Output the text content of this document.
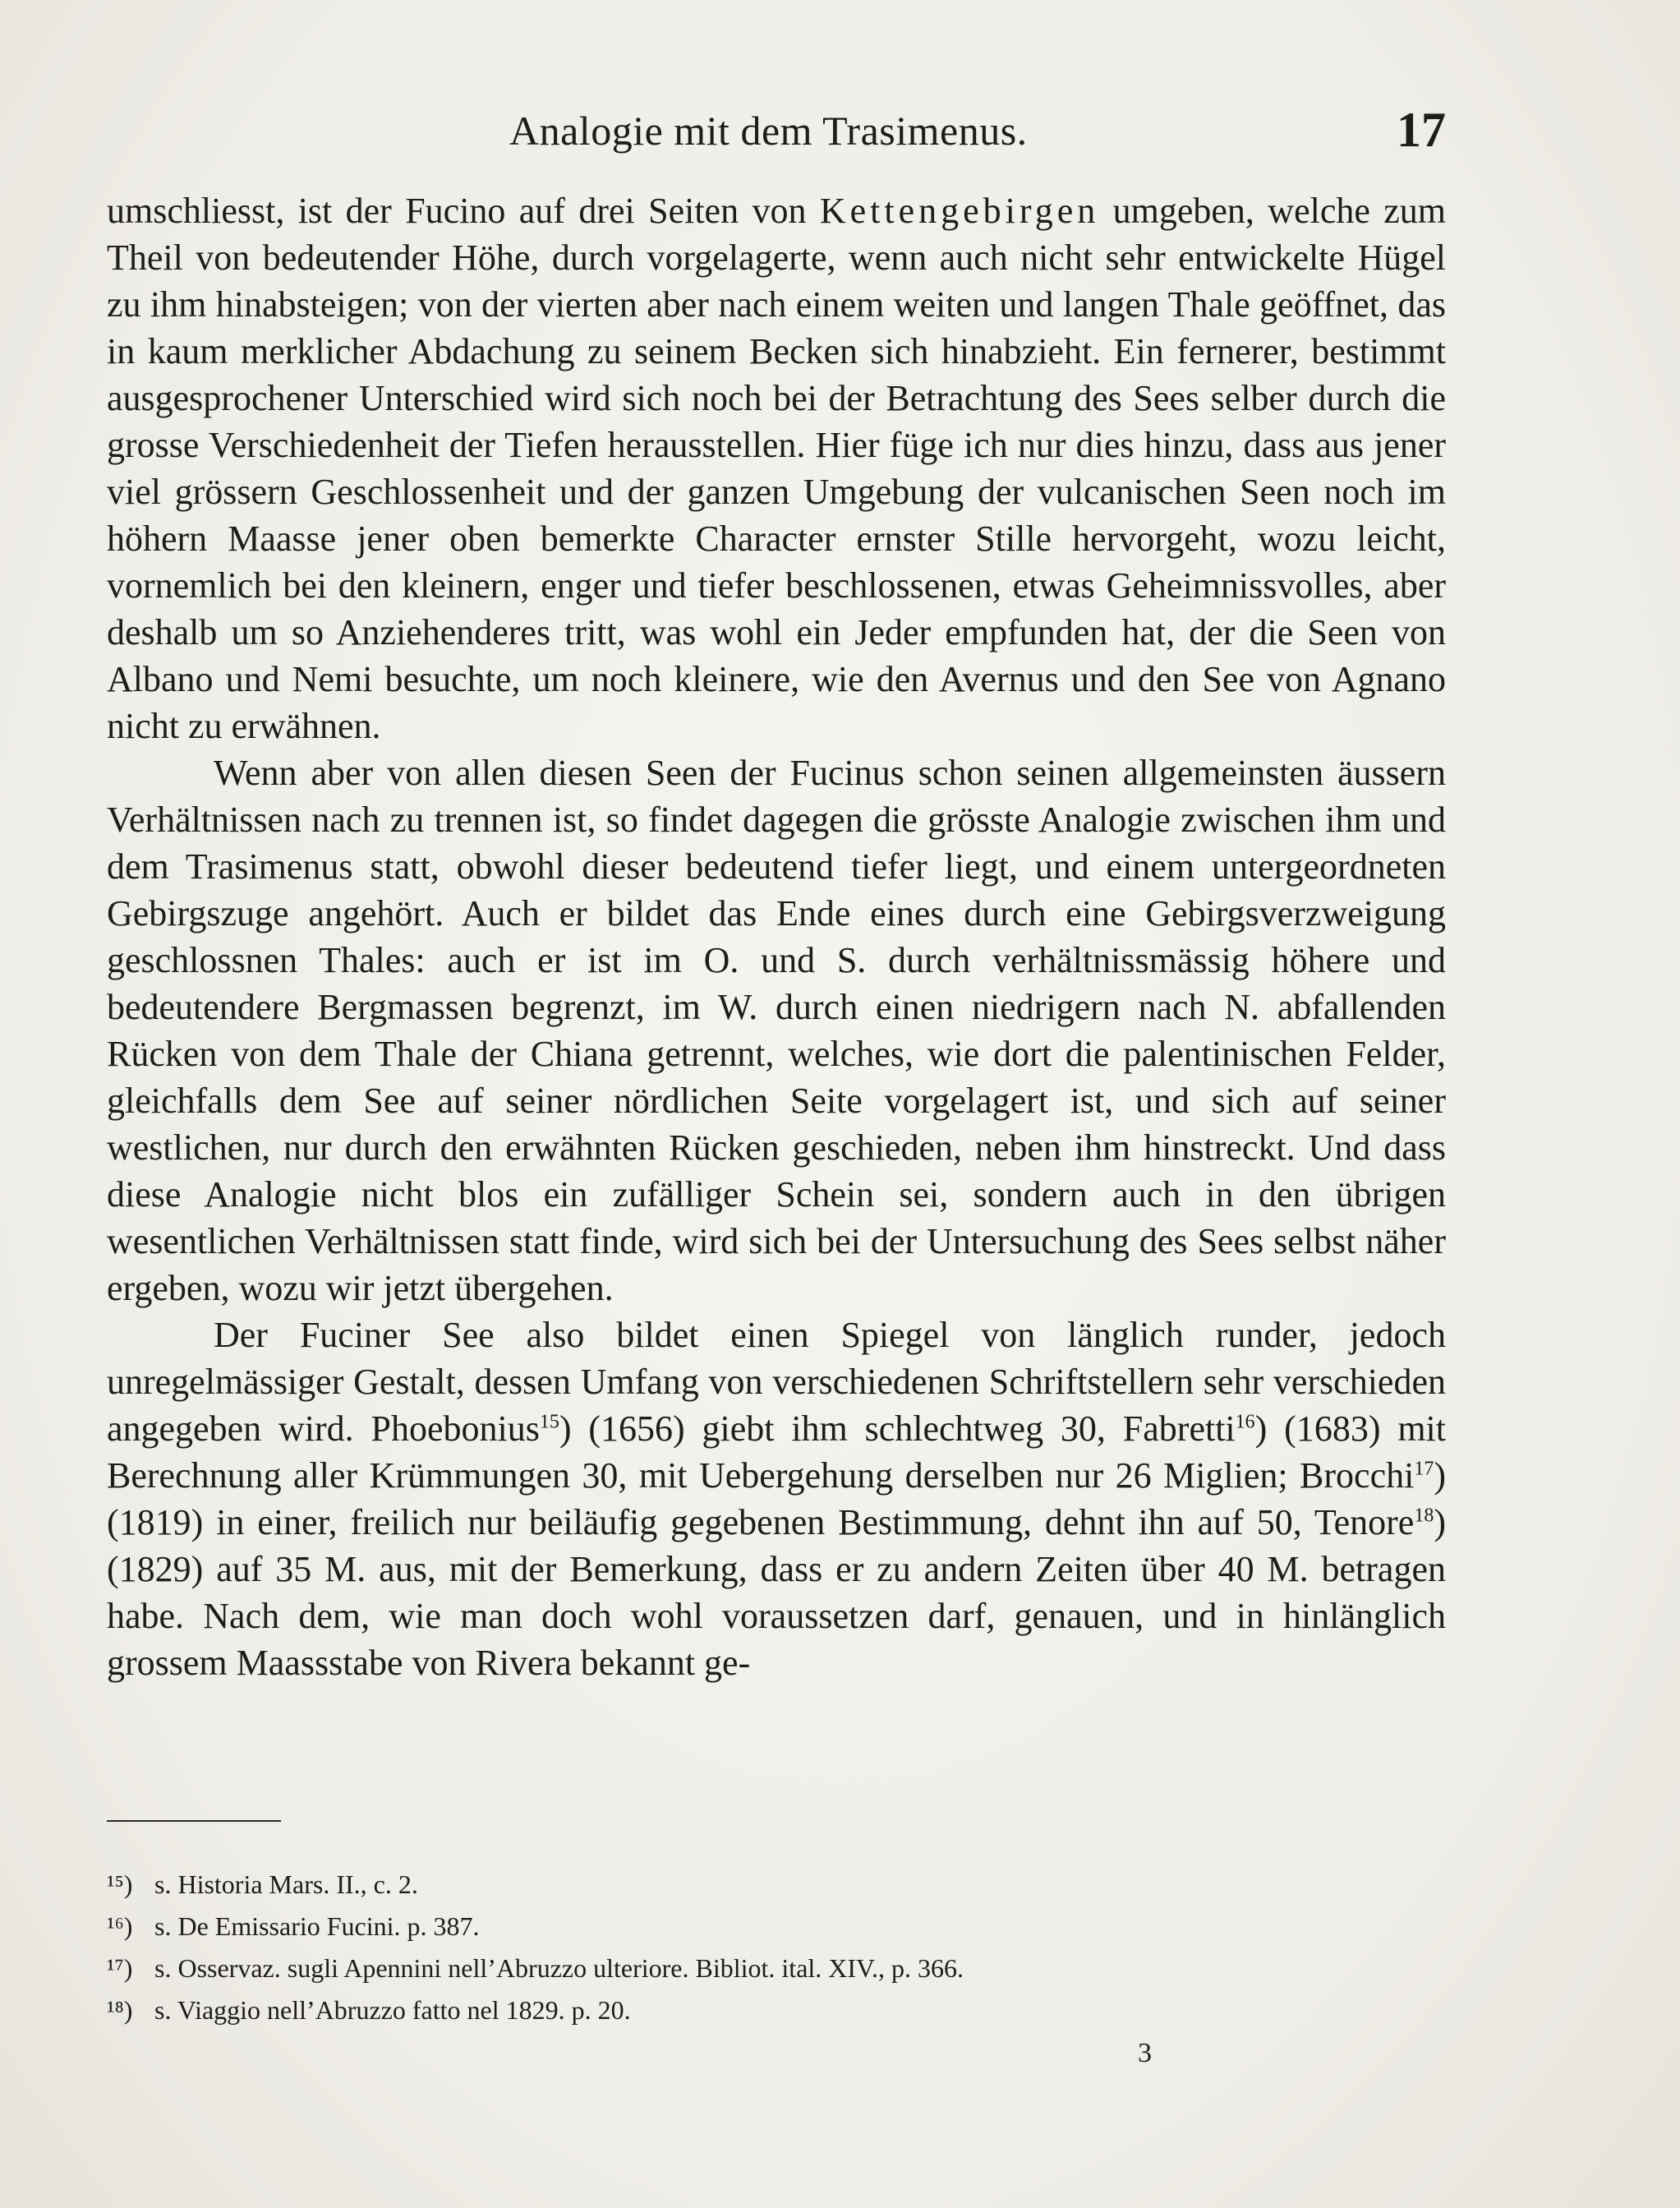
Analogie mit dem Trasimenus.	17

umschliesst, ist der Fucino auf drei Seiten von Kettengebirgen umgeben, welche zum Theil von bedeutender Höhe, durch vorgelagerte, wenn auch nicht sehr entwickelte Hügel zu ihm hinabsteigen; von der vierten aber nach einem weiten und langen Thale geöffnet, das in kaum merklicher Abdachung zu seinem Becken sich hinabzieht. Ein fernerer, bestimmt ausgesprochener Unterschied wird sich noch bei der Betrachtung des Sees selber durch die grosse Verschiedenheit der Tiefen herausstellen. Hier füge ich nur dies hinzu, dass aus jener viel grössern Geschlossenheit und der ganzen Umgebung der vulcanischen Seen noch im höhern Maasse jener oben bemerkte Character ernster Stille hervorgeht, wozu leicht, vornemlich bei den kleinern, enger und tiefer beschlossenen, etwas Geheimnissvolles, aber deshalb um so Anziehenderes tritt, was wohl ein Jeder empfunden hat, der die Seen von Albano und Nemi besuchte, um noch kleinere, wie den Avernus und den See von Agnano nicht zu erwähnen.

Wenn aber von allen diesen Seen der Fucinus schon seinen allgemeinsten äussern Verhältnissen nach zu trennen ist, so findet dagegen die grösste Analogie zwischen ihm und dem Trasimenus statt, obwohl dieser bedeutend tiefer liegt, und einem untergeordneten Gebirgszuge angehört. Auch er bildet das Ende eines durch eine Gebirgsverzweigung geschlossnen Thales: auch er ist im O. und S. durch verhältnissmässig höhere und bedeutendere Bergmassen begrenzt, im W. durch einen niedrigern nach N. abfallenden Rücken von dem Thale der Chiana getrennt, welches, wie dort die palentinischen Felder, gleichfalls dem See auf seiner nördlichen Seite vorgelagert ist, und sich auf seiner westlichen, nur durch den erwähnten Rücken geschieden, neben ihm hinstreckt. Und dass diese Analogie nicht blos ein zufälliger Schein sei, sondern auch in den übrigen wesentlichen Verhältnissen statt finde, wird sich bei der Untersuchung des Sees selbst näher ergeben, wozu wir jetzt übergehen.

Der Fuciner See also bildet einen Spiegel von länglich runder, jedoch unregelmässiger Gestalt, dessen Umfang von verschiedenen Schriftstellern sehr verschieden angegeben wird. Phoebonius$^{15}$) (1656) giebt ihm schlechtweg 30, Fabretti$^{16}$) (1683) mit Berechnung aller Krümmungen 30, mit Uebergehung derselben nur 26 Miglien; Brocchi$^{17}$) (1819) in einer, freilich nur beiläufig gegebenen Bestimmung, dehnt ihn auf 50, Tenore$^{18}$) (1829) auf 35 M. aus, mit der Bemerkung, dass er zu andern Zeiten über 40 M. betragen habe. Nach dem, wie man doch wohl voraussetzen darf, genauen, und in hinlänglich grossem Maassstabe von Rivera bekannt ge-

¹⁵) s. Historia Mars. II., c. 2.
¹⁶) s. De Emissario Fucini. p. 387.
¹⁷) s. Osservaz. sugli Apennini nell’Abruzzo ulteriore. Bibliot. ital. XIV., p. 366.
¹⁸) s. Viaggio nell’Abruzzo fatto nel 1829. p. 20.
3
